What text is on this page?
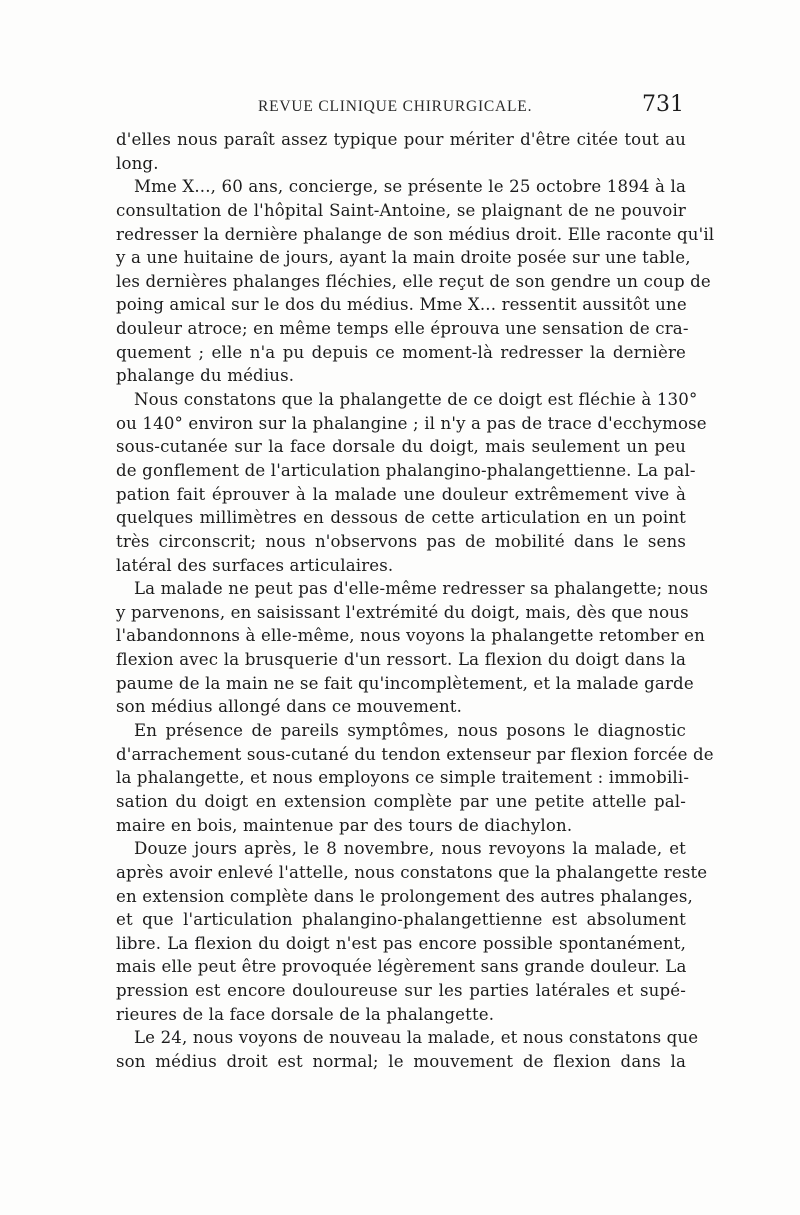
REVUE CLINIQUE CHIRURGICALE.	731
d'elles nous paraît assez typique pour mériter d'être citée tout au
long.
Mme X..., 60 ans, concierge, se présente le 25 octobre 1894 à la
consultation de l'hôpital Saint-Antoine, se plaignant de ne pouvoir
redresser la dernière phalange de son médius droit. Elle raconte qu'il
y a une huitaine de jours, ayant la main droite posée sur une table,
les dernières phalanges fléchies, elle reçut de son gendre un coup de
poing amical sur le dos du médius. Mme X... ressentit aussitôt une
douleur atroce; en même temps elle éprouva une sensation de cra-
quement ; elle n'a pu depuis ce moment-là redresser la dernière
phalange du médius.
Nous constatons que la phalangette de ce doigt est fléchie à 130°
ou 140° environ sur la phalangine ; il n'y a pas de trace d'ecchymose
sous-cutanée sur la face dorsale du doigt, mais seulement un peu
de gonflement de l'articulation phalangino-phalangettienne. La pal-
pation fait éprouver à la malade une douleur extrêmement vive à
quelques millimètres en dessous de cette articulation en un point
très circonscrit; nous n'observons pas de mobilité dans le sens
latéral des surfaces articulaires.
La malade ne peut pas d'elle-même redresser sa phalangette; nous
y parvenons, en saisissant l'extrémité du doigt, mais, dès que nous
l'abandonnons à elle-même, nous voyons la phalangette retomber en
flexion avec la brusquerie d'un ressort. La flexion du doigt dans la
paume de la main ne se fait qu'incomplètement, et la malade garde
son médius allongé dans ce mouvement.
En présence de pareils symptômes, nous posons le diagnostic
d'arrachement sous-cutané du tendon extenseur par flexion forcée de
la phalangette, et nous employons ce simple traitement : immobili-
sation du doigt en extension complète par une petite attelle pal-
maire en bois, maintenue par des tours de diachylon.
Douze jours après, le 8 novembre, nous revoyons la malade, et
après avoir enlevé l'attelle, nous constatons que la phalangette reste
en extension complète dans le prolongement des autres phalanges,
et que l'articulation phalangino-phalangettienne est absolument
libre. La flexion du doigt n'est pas encore possible spontanément,
mais elle peut être provoquée légèrement sans grande douleur. La
pression est encore douloureuse sur les parties latérales et supé-
rieures de la face dorsale de la phalangette.
Le 24, nous voyons de nouveau la malade, et nous constatons que
son médius droit est normal; le mouvement de flexion dans la
